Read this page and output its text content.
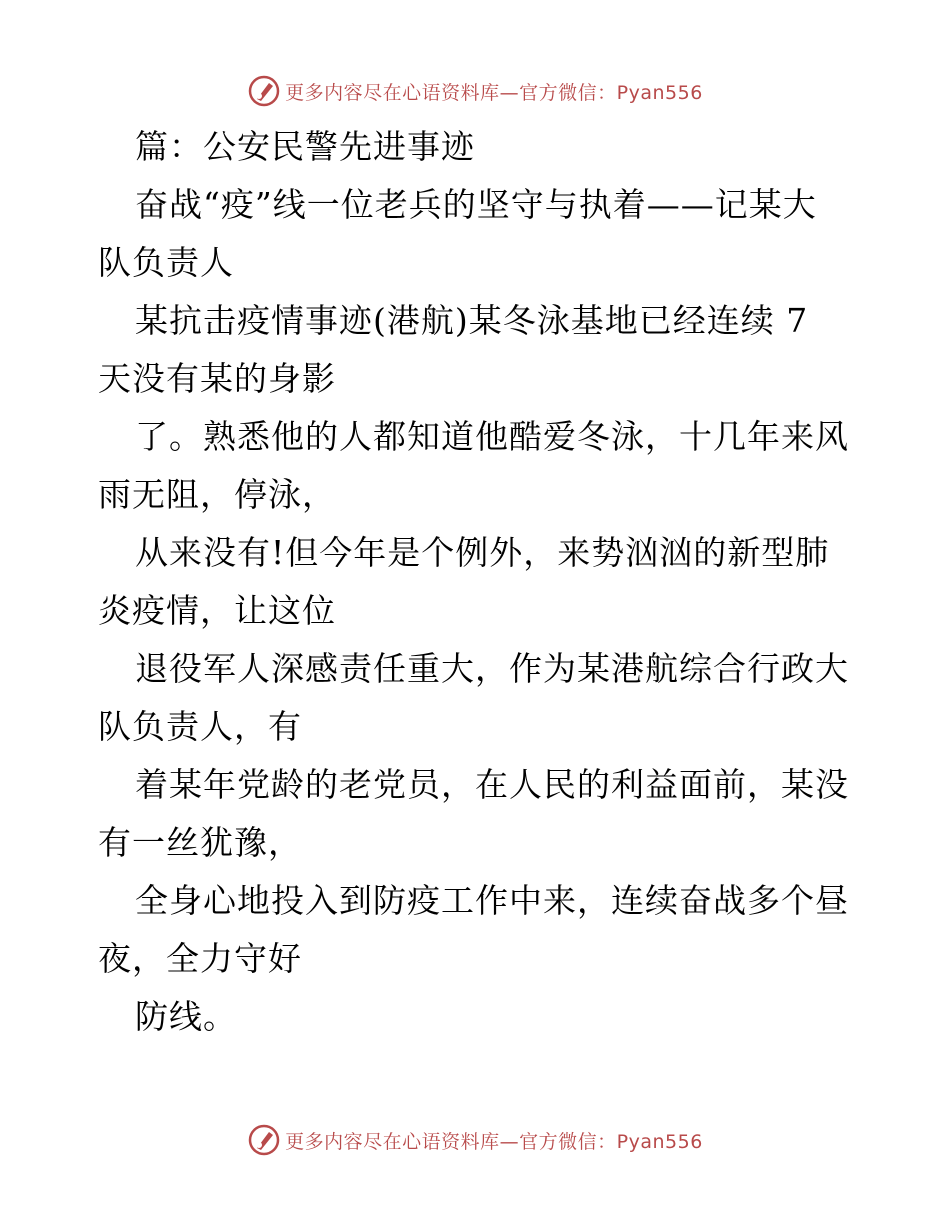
更多内容尽在心语资料库—官方微信：Pyan556
篇：公安民警先进事迹
奋战“疫”线一位老兵的坚守与执着——记某大
队负责人
某抗击疫情事迹(港航)某冬泳基地已经连续 7
天没有某的身影
了。熟悉他的人都知道他酷爱冬泳，十几年来风
雨无阻，停泳，
从来没有!但今年是个例外，来势汹汹的新型肺
炎疫情，让这位
退役军人深感责任重大，作为某港航综合行政大
队负责人，有
着某年党龄的老党员，在人民的利益面前，某没
有一丝犹豫，
全身心地投入到防疫工作中来，连续奋战多个昼
夜，全力守好
防线。
更多内容尽在心语资料库—官方微信：Pyan556
